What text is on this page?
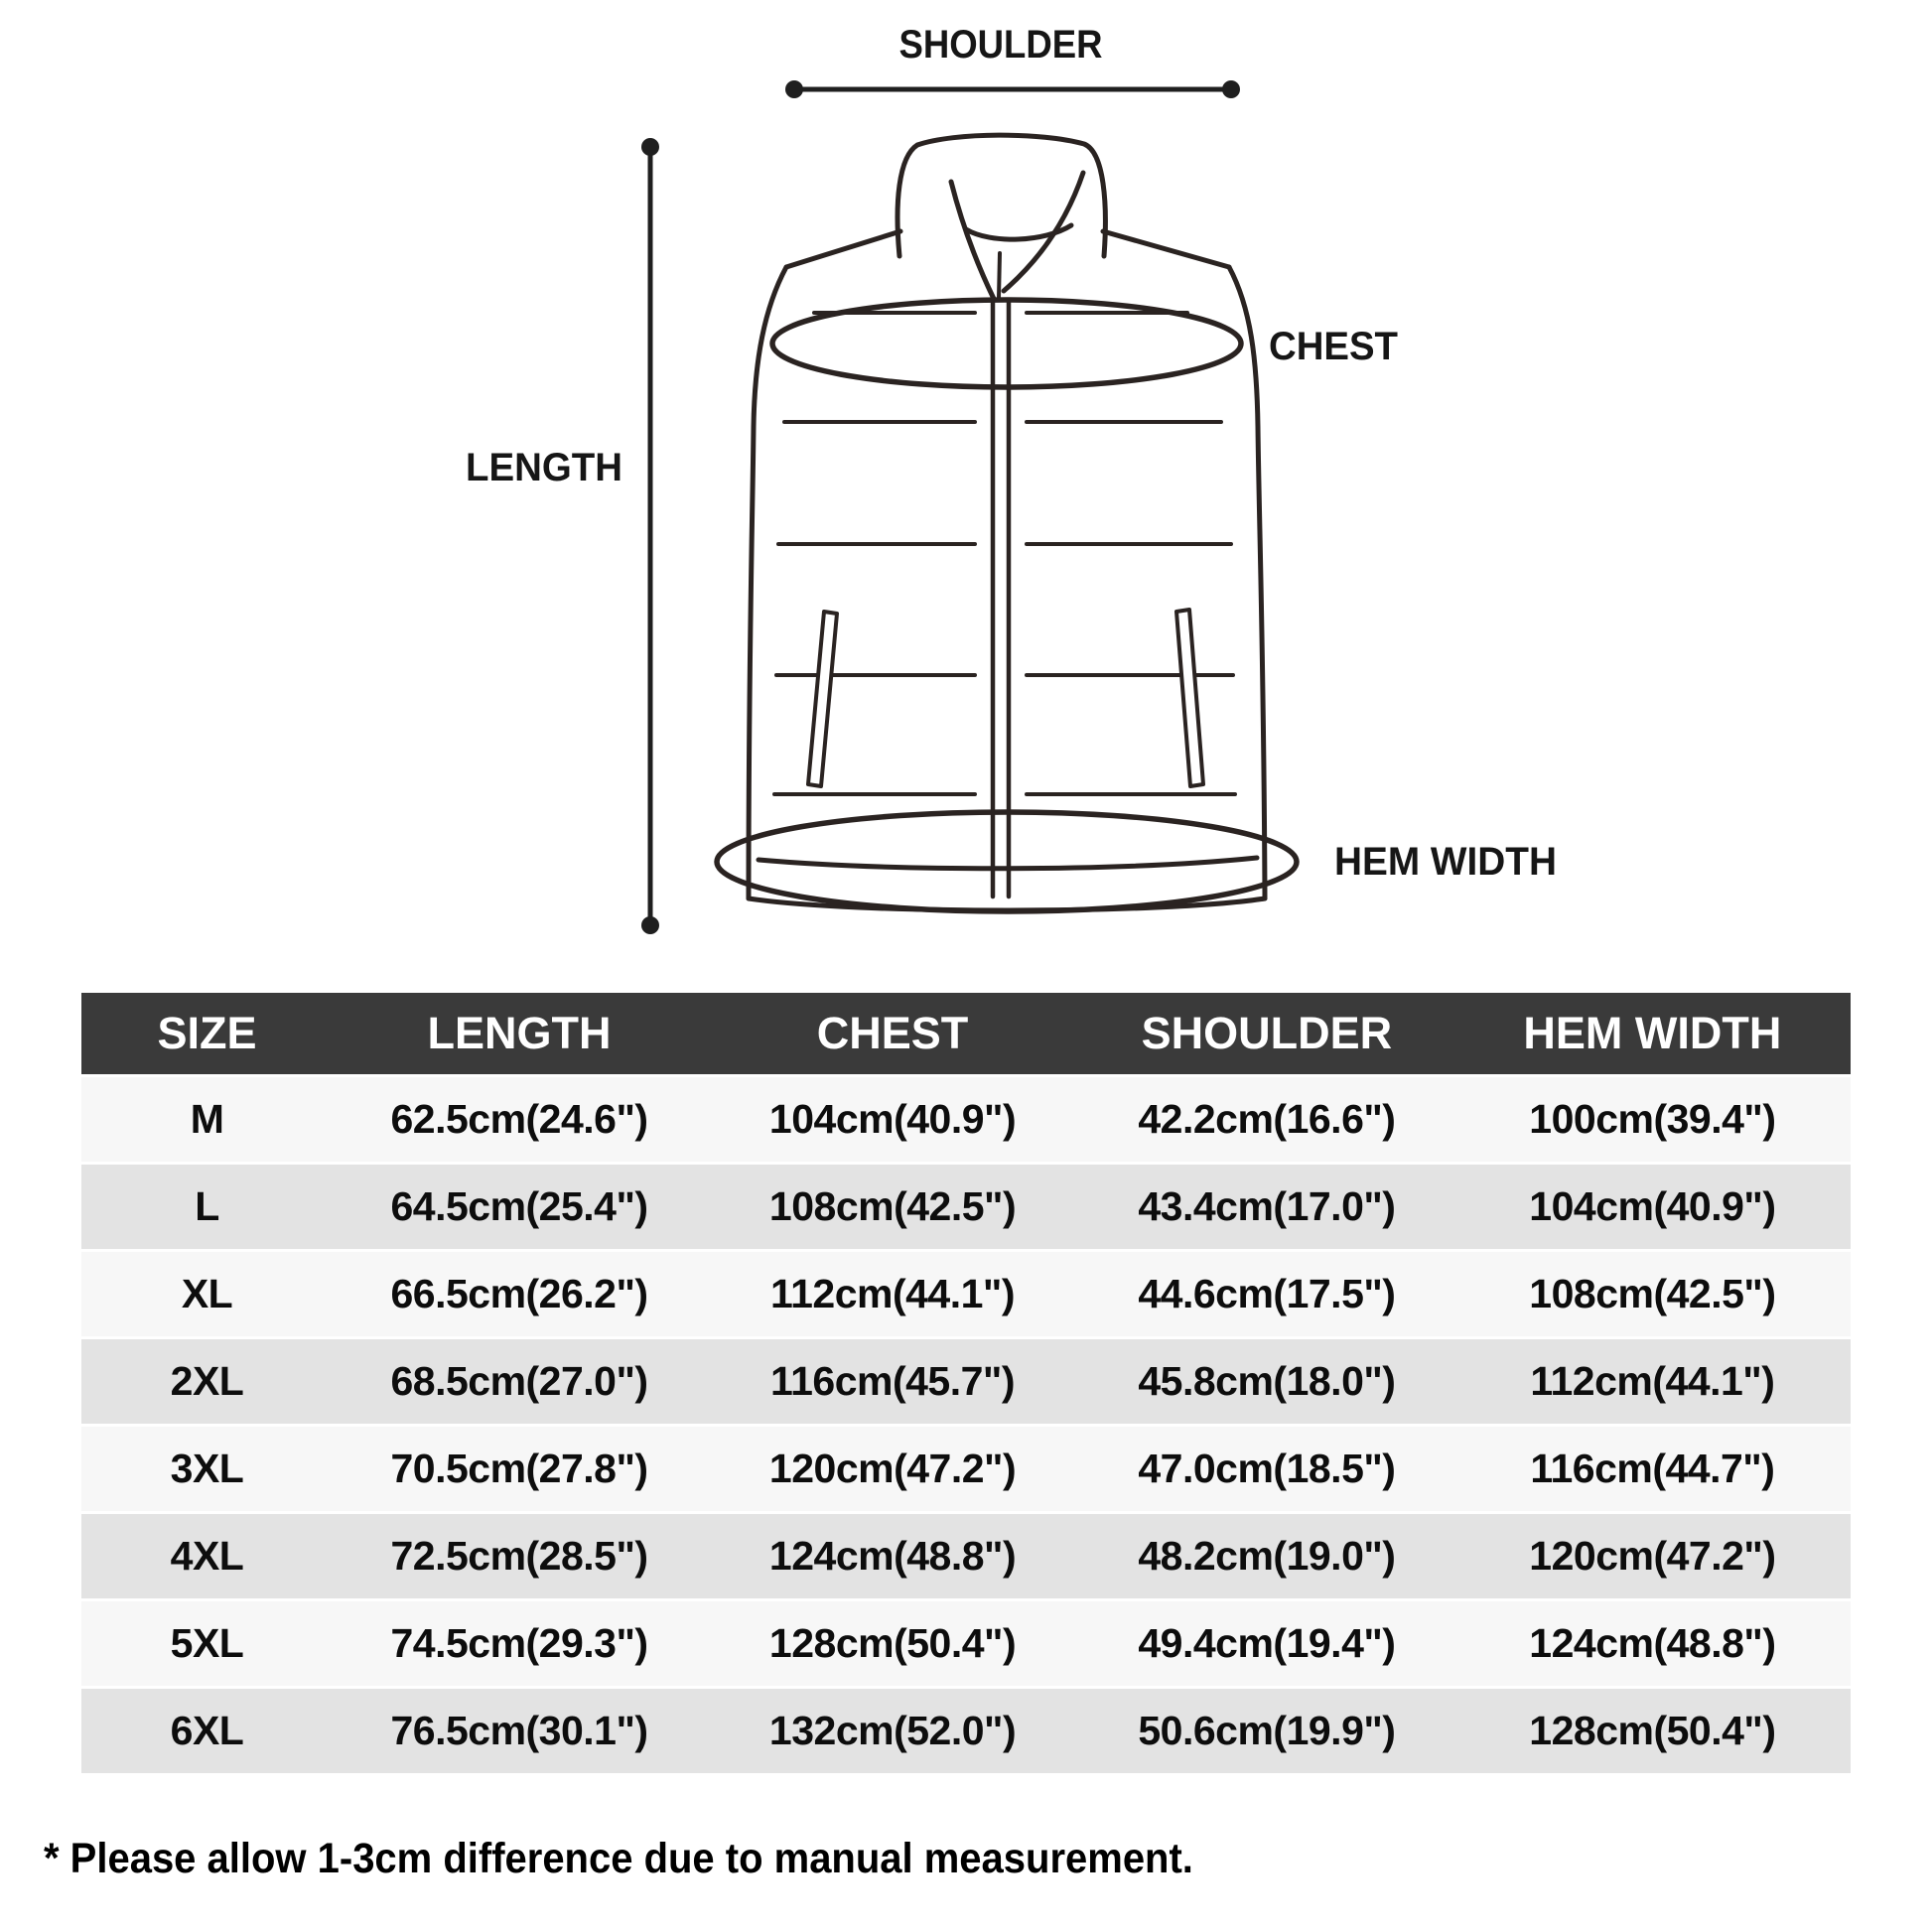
SHOULDER
LENGTH
CHEST
HEM WIDTH
SIZE	LENGTH	CHEST	SHOULDER	HEM WIDTH
M	62.5cm(24.6")	104cm(40.9")	42.2cm(16.6")	100cm(39.4")
L	64.5cm(25.4")	108cm(42.5")	43.4cm(17.0")	104cm(40.9")
XL	66.5cm(26.2")	112cm(44.1")	44.6cm(17.5")	108cm(42.5")
2XL	68.5cm(27.0")	116cm(45.7")	45.8cm(18.0")	112cm(44.1")
3XL	70.5cm(27.8")	120cm(47.2")	47.0cm(18.5")	116cm(44.7")
4XL	72.5cm(28.5")	124cm(48.8")	48.2cm(19.0")	120cm(47.2")
5XL	74.5cm(29.3")	128cm(50.4")	49.4cm(19.4")	124cm(48.8")
6XL	76.5cm(30.1")	132cm(52.0")	50.6cm(19.9")	128cm(50.4")
* Please allow 1-3cm difference due to manual measurement.
